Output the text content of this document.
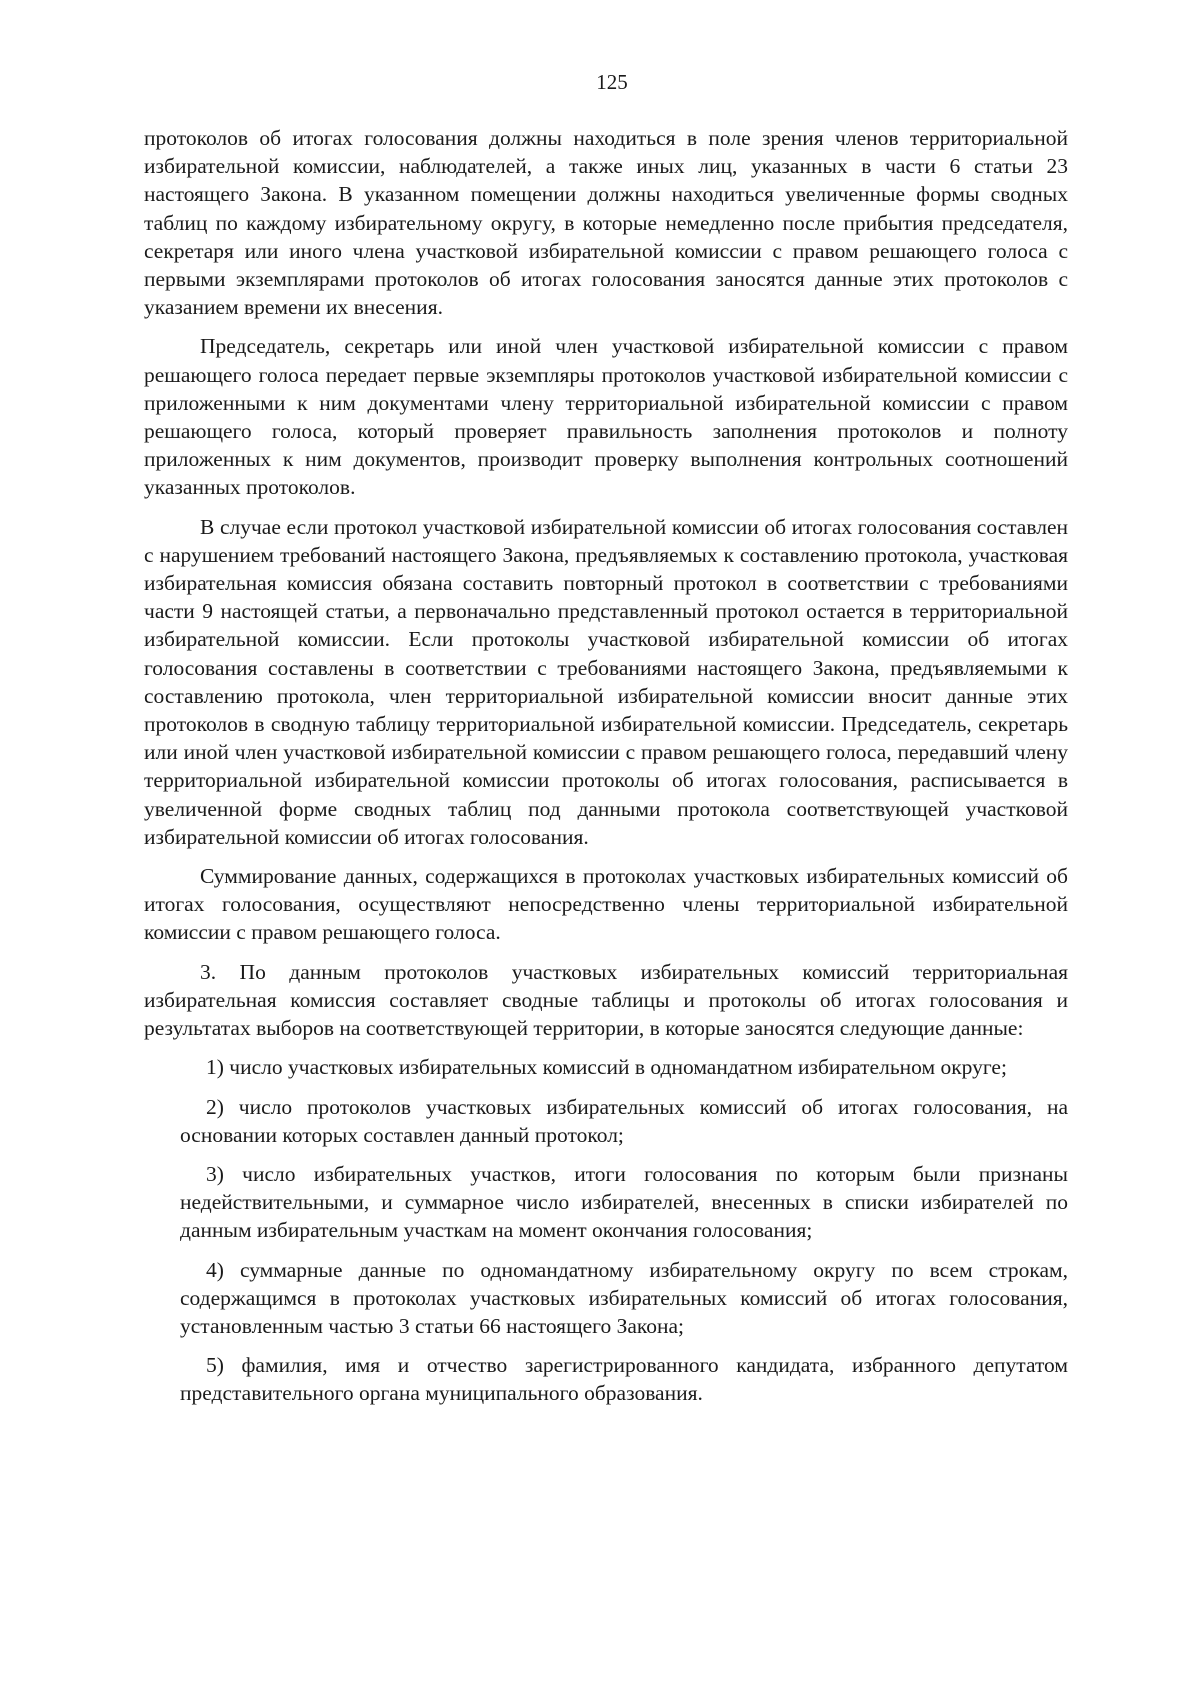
125

протоколов об итогах голосования должны находиться в поле зрения членов территориальной избирательной комиссии, наблюдателей, а также иных лиц, указанных в части 6 статьи 23 настоящего Закона. В указанном помещении должны находиться увеличенные формы сводных таблиц по каждому избирательному округу, в которые немедленно после прибытия председателя, секретаря или иного члена участковой избирательной комиссии с правом решающего голоса с первыми экземплярами протоколов об итогах голосования заносятся данные этих протоколов с указанием времени их внесения.

Председатель, секретарь или иной член участковой избирательной комиссии с правом решающего голоса передает первые экземпляры протоколов участковой избирательной комиссии с приложенными к ним документами члену территориальной избирательной комиссии с правом решающего голоса, который проверяет правильность заполнения протоколов и полноту приложенных к ним документов, производит проверку выполнения контрольных соотношений указанных протоколов.

В случае если протокол участковой избирательной комиссии об итогах голосования составлен с нарушением требований настоящего Закона, предъявляемых к составлению протокола, участковая избирательная комиссия обязана составить повторный протокол в соответствии с требованиями части 9 настоящей статьи, а первоначально представленный протокол остается в территориальной избирательной комиссии. Если протоколы участковой избирательной комиссии об итогах голосования составлены в соответствии с требованиями настоящего Закона, предъявляемыми к составлению протокола, член территориальной избирательной комиссии вносит данные этих протоколов в сводную таблицу территориальной избирательной комиссии. Председатель, секретарь или иной член участковой избирательной комиссии с правом решающего голоса, передавший члену территориальной избирательной комиссии протоколы об итогах голосования, расписывается в увеличенной форме сводных таблиц под данными протокола соответствующей участковой избирательной комиссии об итогах голосования.

Суммирование данных, содержащихся в протоколах участковых избирательных комиссий об итогах голосования, осуществляют непосредственно члены территориальной избирательной комиссии с правом решающего голоса.

3. По данным протоколов участковых избирательных комиссий территориальная избирательная комиссия составляет сводные таблицы и протоколы об итогах голосования и результатах выборов на соответствующей территории, в которые заносятся следующие данные:

1) число участковых избирательных комиссий в одномандатном избирательном округе;
2) число протоколов участковых избирательных комиссий об итогах голосования, на основании которых составлен данный протокол;
3) число избирательных участков, итоги голосования по которым были признаны недействительными, и суммарное число избирателей, внесенных в списки избирателей по данным избирательным участкам на момент окончания голосования;
4) суммарные данные по одномандатному избирательному округу по всем строкам, содержащимся в протоколах участковых избирательных комиссий об итогах голосования, установленным частью 3 статьи 66 настоящего Закона;
5) фамилия, имя и отчество зарегистрированного кандидата, избранного депутатом представительного органа муниципального образования.
